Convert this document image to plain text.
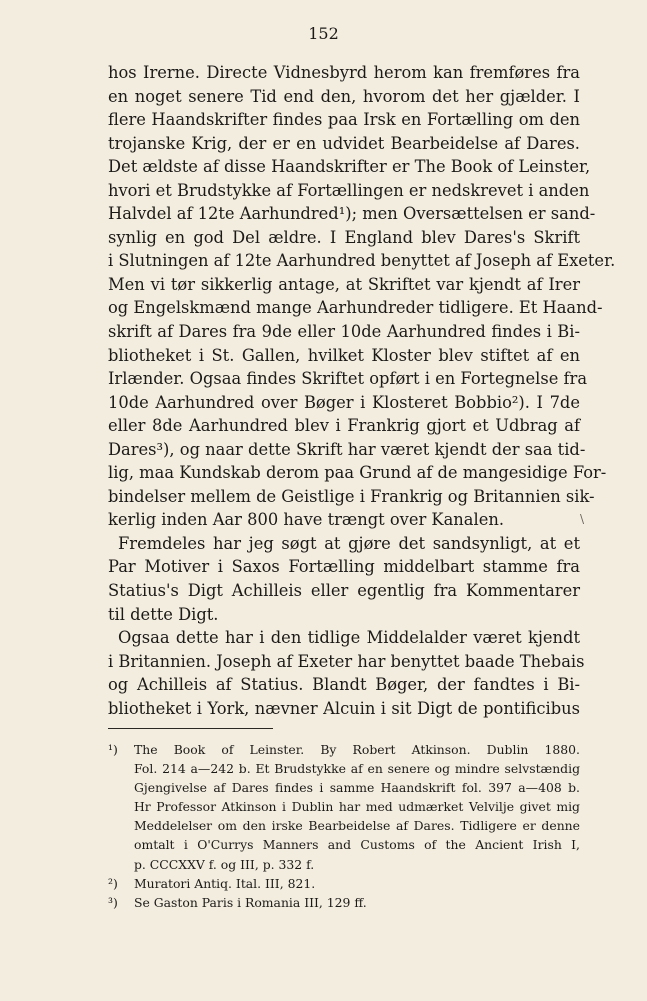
152
hos Irerne. Directe Vidnesbyrd herom kan fremføres fra
en noget senere Tid end den, hvorom det her gjælder. I
flere Haandskrifter findes paa Irsk en Fortælling om den
trojanske Krig, der er en udvidet Bearbeidelse af Dares.
Det ældste af disse Haandskrifter er The Book of Leinster,
hvori et Brudstykke af Fortællingen er nedskrevet i anden
Halvdel af 12te Aarhundred¹); men Oversættelsen er sand-
synlig en god Del ældre. I England blev Dares's Skrift
i Slutningen af 12te Aarhundred benyttet af Joseph af Exeter.
Men vi tør sikkerlig antage, at Skriftet var kjendt af Irer
og Engelskmænd mange Aarhundreder tidligere. Et Haand-
skrift af Dares fra 9de eller 10de Aarhundred findes i Bi-
bliotheket i St. Gallen, hvilket Kloster blev stiftet af en
Irlænder. Ogsaa findes Skriftet opført i en Fortegnelse fra
10de Aarhundred over Bøger i Klosteret Bobbio²). I 7de
eller 8de Aarhundred blev i Frankrig gjort et Udbrag af
Dares³), og naar dette Skrift har været kjendt der saa tid-
lig, maa Kundskab derom paa Grund af de mangesidige For-
bindelser mellem de Geistlige i Frankrig og Britannien sik-
kerlig inden Aar 800 have trængt over Kanalen.
Fremdeles har jeg søgt at gjøre det sandsynligt, at et
Par Motiver i Saxos Fortælling middelbart stamme fra
Statius's Digt Achilleis eller egentlig fra Kommentarer
til dette Digt.
Ogsaa dette har i den tidlige Middelalder været kjendt
i Britannien. Joseph af Exeter har benyttet baade Thebais
og Achilleis af Statius. Blandt Bøger, der fandtes i Bi-
bliotheket i York, nævner Alcuin i sit Digt de pontificibus
\
¹) The Book of Leinster. By Robert Atkinson. Dublin 1880.
Fol. 214 a—242 b. Et Brudstykke af en senere og mindre selvstændig
Gjengivelse af Dares findes i samme Haandskrift fol. 397 a—408 b.
Hr Professor Atkinson i Dublin har med udmærket Velvilje givet mig
Meddelelser om den irske Bearbeidelse af Dares. Tidligere er denne
omtalt i O'Currys Manners and Customs of the Ancient Irish I,
p. CCCXXV f. og III, p. 332 f.
²) Muratori Antiq. Ital. III, 821.
³) Se Gaston Paris i Romania III, 129 ff.
